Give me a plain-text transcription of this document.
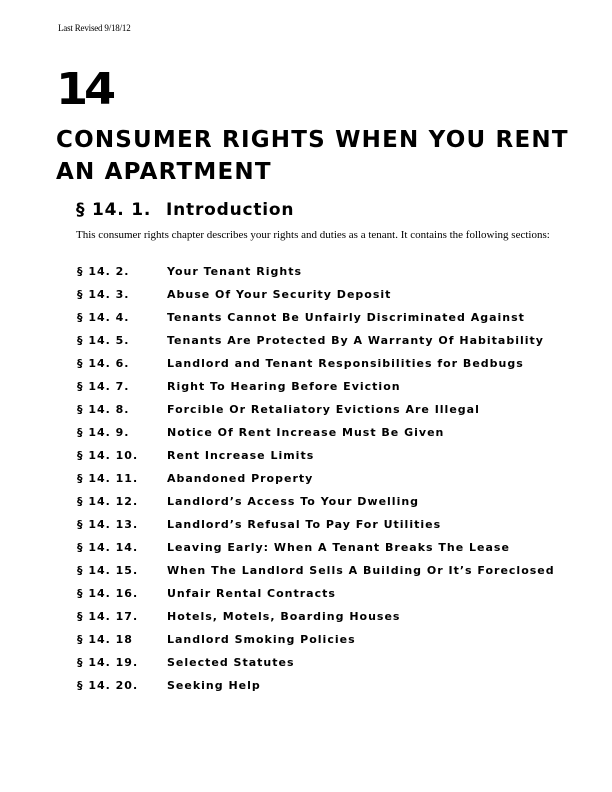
Last Revised 9/18/12
14
CONSUMER RIGHTS WHEN YOU RENT AN APARTMENT
§ 14. 1. Introduction
This consumer rights chapter describes your rights and duties as a tenant. It contains the following sections:
§ 14. 2.	Your Tenant Rights
§ 14. 3.	Abuse Of Your Security Deposit
§ 14. 4.	Tenants Cannot Be Unfairly Discriminated Against
§ 14. 5.	Tenants Are Protected By A Warranty Of Habitability
§ 14. 6.	Landlord and Tenant Responsibilities for Bedbugs
§ 14. 7.	Right To Hearing Before Eviction
§ 14. 8.	Forcible Or Retaliatory Evictions Are Illegal
§ 14. 9.	Notice Of Rent Increase Must Be Given
§ 14. 10.	Rent Increase Limits
§ 14. 11.	Abandoned Property
§ 14. 12.	Landlord’s Access To Your Dwelling
§ 14. 13.	Landlord’s Refusal To Pay For Utilities
§ 14. 14.	Leaving Early: When A Tenant Breaks The Lease
§ 14. 15.	When The Landlord Sells A Building Or It’s Foreclosed
§ 14. 16.	Unfair Rental Contracts
§ 14. 17.	Hotels, Motels, Boarding Houses
§ 14. 18	Landlord Smoking Policies
§ 14. 19.	Selected Statutes
§ 14. 20.	Seeking Help
